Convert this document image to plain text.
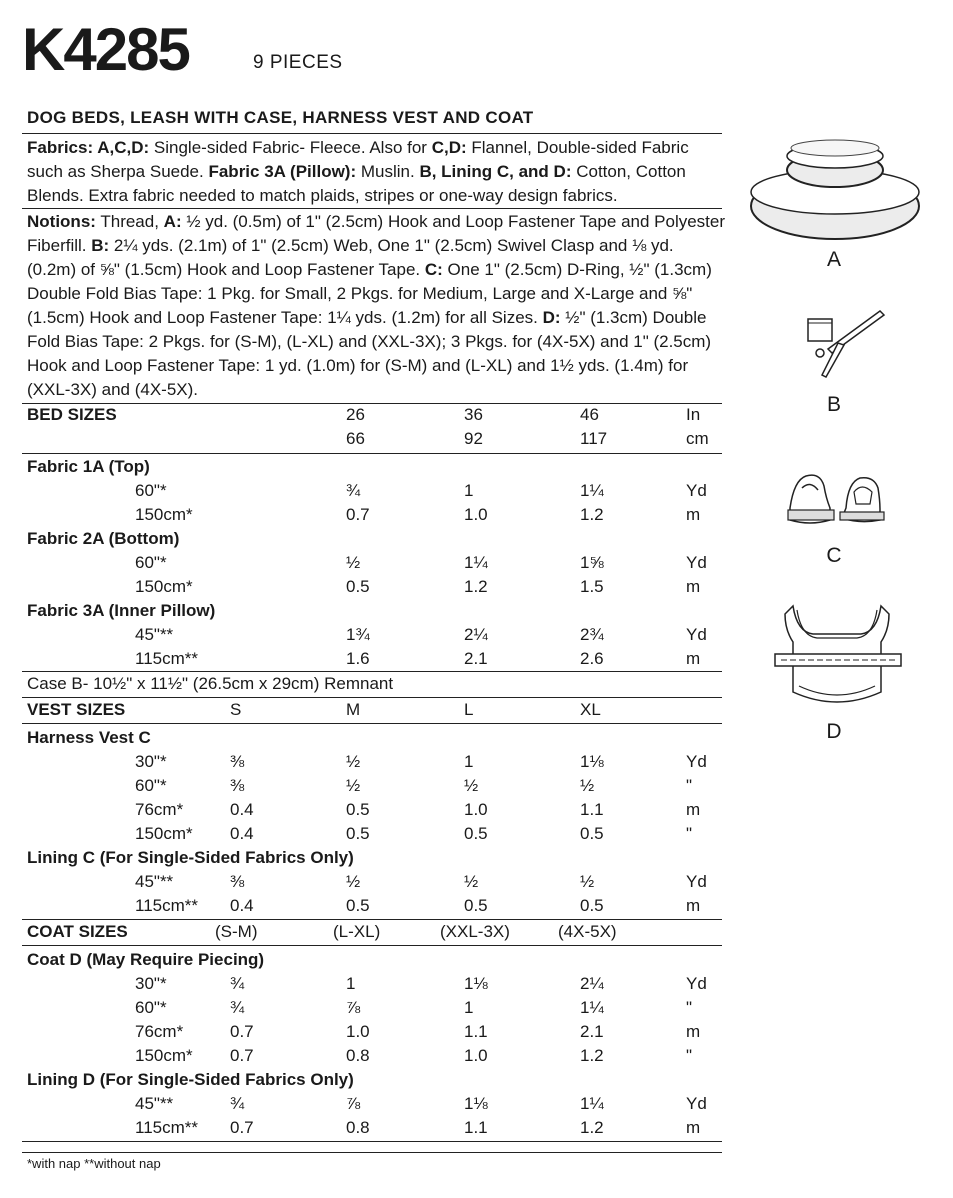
K4285	9 PIECES
DOG BEDS, LEASH WITH CASE, HARNESS VEST AND COAT
Fabrics: A,C,D: Single-sided Fabric- Fleece. Also for C,D: Flannel, Double-sided Fabric such as Sherpa Suede. Fabric 3A (Pillow): Muslin. B, Lining C, and D: Cotton, Cotton Blends. Extra fabric needed to match plaids, stripes or one-way design fabrics.
Notions: Thread, A: ½ yd. (0.5m) of 1" (2.5cm) Hook and Loop Fastener Tape and Polyester Fiberfill. B: 2¼ yds. (2.1m) of 1" (2.5cm) Web, One 1" (2.5cm) Swivel Clasp and ⅛ yd. (0.2m) of ⅝" (1.5cm) Hook and Loop Fastener Tape. C: One 1" (2.5cm) D-Ring, ½" (1.3cm) Double Fold Bias Tape: 1 Pkg. for Small, 2 Pkgs. for Medium, Large and X-Large and ⅝" (1.5cm) Hook and Loop Fastener Tape: 1¼ yds. (1.2m) for all Sizes. D: ½" (1.3cm) Double Fold Bias Tape: 2 Pkgs. for (S-M), (L-XL) and (XXL-3X); 3 Pkgs. for (4X-5X) and 1" (2.5cm) Hook and Loop Fastener Tape: 1 yd. (1.0m) for (S-M) and (L-XL) and 1½ yds. (1.4m) for (XXL-3X) and (4X-5X).
BED SIZES	26	36	46	In
66	92	117	cm
Fabric 1A (Top)
60"*	¾	1	1¼	Yd
150cm*	0.7	1.0	1.2	m
Fabric 2A (Bottom)
60"*	½	1¼	1⅝	Yd
150cm*	0.5	1.2	1.5	m
Fabric 3A (Inner Pillow)
45"**	1¾	2¼	2¾	Yd
115cm**	1.6	2.1	2.6	m
Case B- 10½" x 11½" (26.5cm x 29cm) Remnant
VEST SIZES	S	M	L	XL
Harness Vest C
30"*	⅜	½	1	1⅛	Yd
60"*	⅜	½	½	½	"
76cm*	0.4	0.5	1.0	1.1	m
150cm* 0.4	0.5	0.5	0.5	"
Lining C (For Single-Sided Fabrics Only)
45"**	⅜	½	½	½	Yd
115cm** 0.4	0.5	0.5	0.5	m
COAT SIZES	(S-M)	(L-XL)	(XXL-3X)	(4X-5X)
Coat D (May Require Piecing)
30"*	¾	1	1⅛	2¼	Yd
60"*	¾	⅞	1	1¼	"
76cm*	0.7	1.0	1.1	2.1	m
150cm* 0.7	0.8	1.0	1.2	"
Lining D (For Single-Sided Fabrics Only)
45"**	¾	⅞	1⅛	1¼	Yd
115cm** 0.7	0.8	1.1	1.2	m
*with nap **without nap
A
B
C
D
